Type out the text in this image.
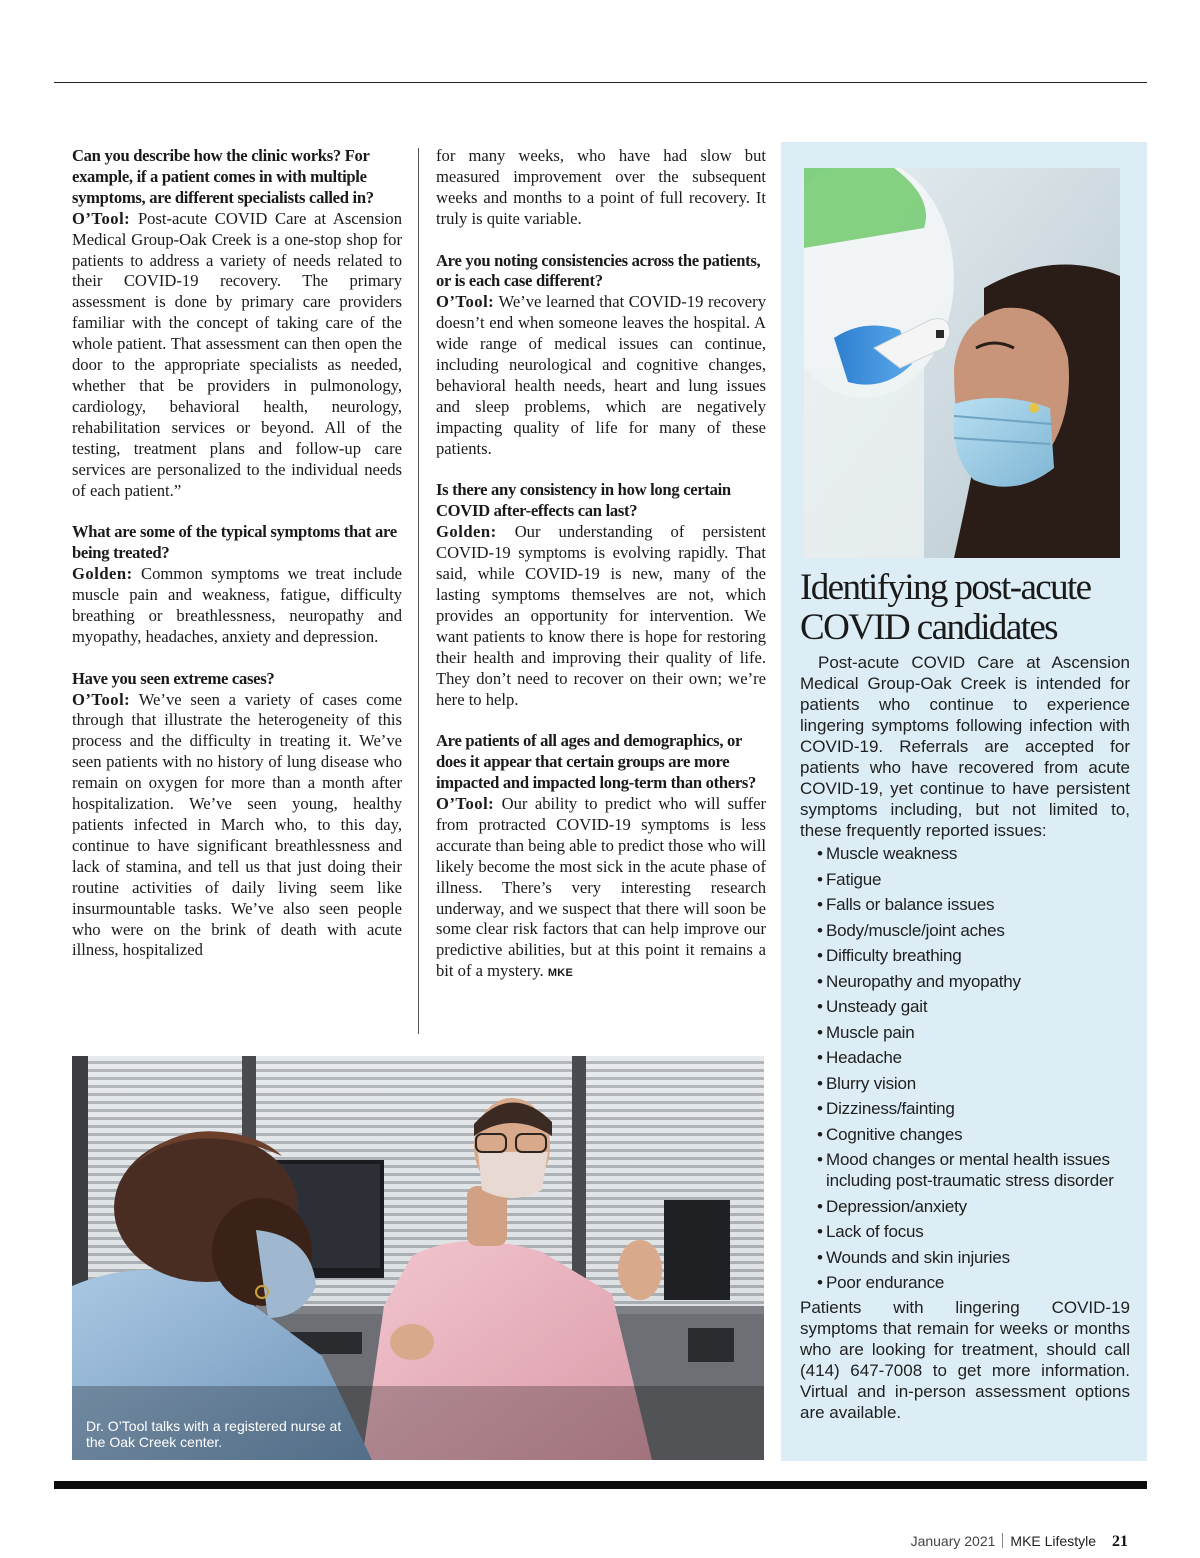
Can you describe how the clinic works? For example, if a patient comes in with multiple symptoms, are different specialists called in?

O’Tool: Post-acute COVID Care at Ascension Medical Group-Oak Creek is a one-stop shop for patients to address a variety of needs related to their COVID-19 recovery. The primary assessment is done by primary care providers familiar with the concept of taking care of the whole patient. That assessment can then open the door to the appropriate specialists as needed, whether that be providers in pulmonology, cardiology, behavioral health, neurology, rehabilitation services or beyond. All of the testing, treatment plans and follow-up care services are personalized to the individual needs of each patient.”

What are some of the typical symptoms that are being treated?

Golden: Common symptoms we treat include muscle pain and weakness, fatigue, difficulty breathing or breathlessness, neuropathy and myopathy, headaches, anxiety and depression.

Have you seen extreme cases?

O’Tool: We’ve seen a variety of cases come through that illustrate the heterogeneity of this process and the difficulty in treating it. We’ve seen patients with no history of lung disease who remain on oxygen for more than a month after hospitalization. We’ve seen young, healthy patients infected in March who, to this day, continue to have significant breathlessness and lack of stamina, and tell us that just doing their routine activities of daily living seem like insurmountable tasks. We’ve also seen people who were on the brink of death with acute illness, hospitalized

for many weeks, who have had slow but measured improvement over the subsequent weeks and months to a point of full recovery. It truly is quite variable.

Are you noting consistencies across the patients, or is each case different?

O’Tool: We’ve learned that COVID-19 recovery doesn’t end when someone leaves the hospital. A wide range of medical issues can continue, including neurological and cognitive changes, behavioral health needs, heart and lung issues and sleep problems, which are negatively impacting quality of life for many of these patients.

Is there any consistency in how long certain COVID after-effects can last?

Golden: Our understanding of persistent COVID-19 symptoms is evolving rapidly. That said, while COVID-19 is new, many of the lasting symptoms themselves are not, which provides an opportunity for intervention. We want patients to know there is hope for restoring their health and improving their quality of life. They don’t need to recover on their own; we’re here to help.

Are patients of all ages and demographics, or does it appear that certain groups are more impacted and impacted long-term than others?

O’Tool: Our ability to predict who will suffer from protracted COVID-19 symptoms is less accurate than being able to predict those who will likely become the most sick in the acute phase of illness. There’s very interesting research underway, and we suspect that there will soon be some clear risk factors that can help improve our predictive abilities, but at this point it remains a bit of a mystery. MKE

Dr. O’Tool talks with a registered nurse at the Oak Creek center.
Identifying post-acute COVID candidates

Post-acute COVID Care at Ascension Medical Group-Oak Creek is intended for patients who continue to experience lingering symptoms following infection with COVID-19. Referrals are accepted for patients who have recovered from acute COVID-19, yet continue to have persistent symptoms including, but not limited to, these frequently reported issues:

• Muscle weakness
• Fatigue
• Falls or balance issues
• Body/muscle/joint aches
• Difficulty breathing
• Neuropathy and myopathy
• Unsteady gait
• Muscle pain
• Headache
• Blurry vision
• Dizziness/fainting
• Cognitive changes
• Mood changes or mental health issues including post-traumatic stress disorder
• Depression/anxiety
• Lack of focus
• Wounds and skin injuries
• Poor endurance

Patients with lingering COVID-19 symptoms that remain for weeks or months who are looking for treatment, should call (414) 647-7008 to get more information. Virtual and in-person assessment options are available.

January 2021 MKE Lifestyle 21
